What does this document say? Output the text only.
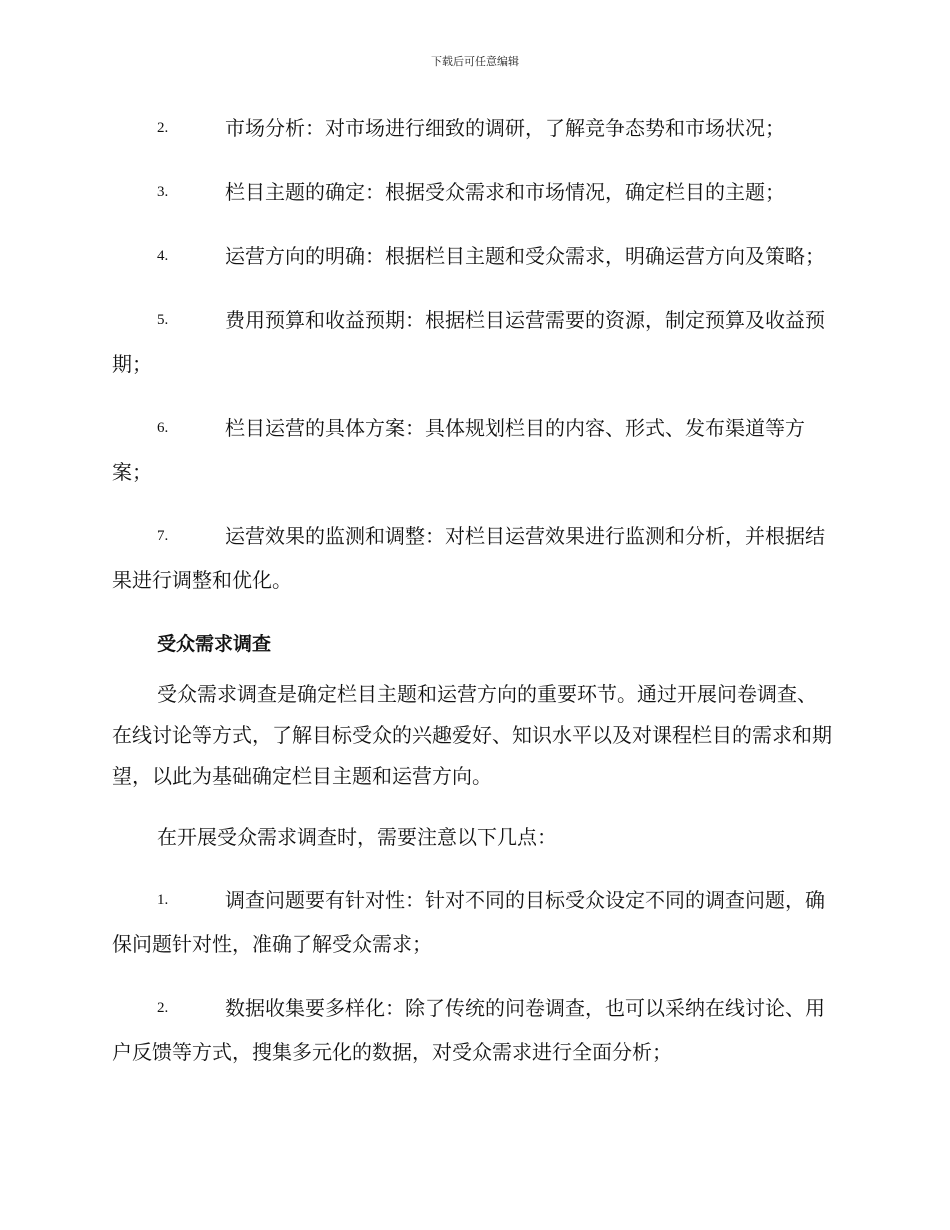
下载后可任意编辑
2.	市场分析：对市场进行细致的调研，了解竞争态势和市场状况；
3.	栏目主题的确定：根据受众需求和市场情况，确定栏目的主题；
4.	运营方向的明确：根据栏目主题和受众需求，明确运营方向及策略；
5.	费用预算和收益预期：根据栏目运营需要的资源，制定预算及收益预期；
6.	栏目运营的具体方案：具体规划栏目的内容、形式、发布渠道等方案；
7.	运营效果的监测和调整：对栏目运营效果进行监测和分析，并根据结果进行调整和优化。
受众需求调查
受众需求调查是确定栏目主题和运营方向的重要环节。通过开展问卷调查、在线讨论等方式，了解目标受众的兴趣爱好、知识水平以及对课程栏目的需求和期望，以此为基础确定栏目主题和运营方向。
在开展受众需求调查时，需要注意以下几点：
1.	调查问题要有针对性：针对不同的目标受众设定不同的调查问题，确保问题针对性，准确了解受众需求；
2.	数据收集要多样化：除了传统的问卷调查，也可以采纳在线讨论、用户反馈等方式，搜集多元化的数据，对受众需求进行全面分析；
